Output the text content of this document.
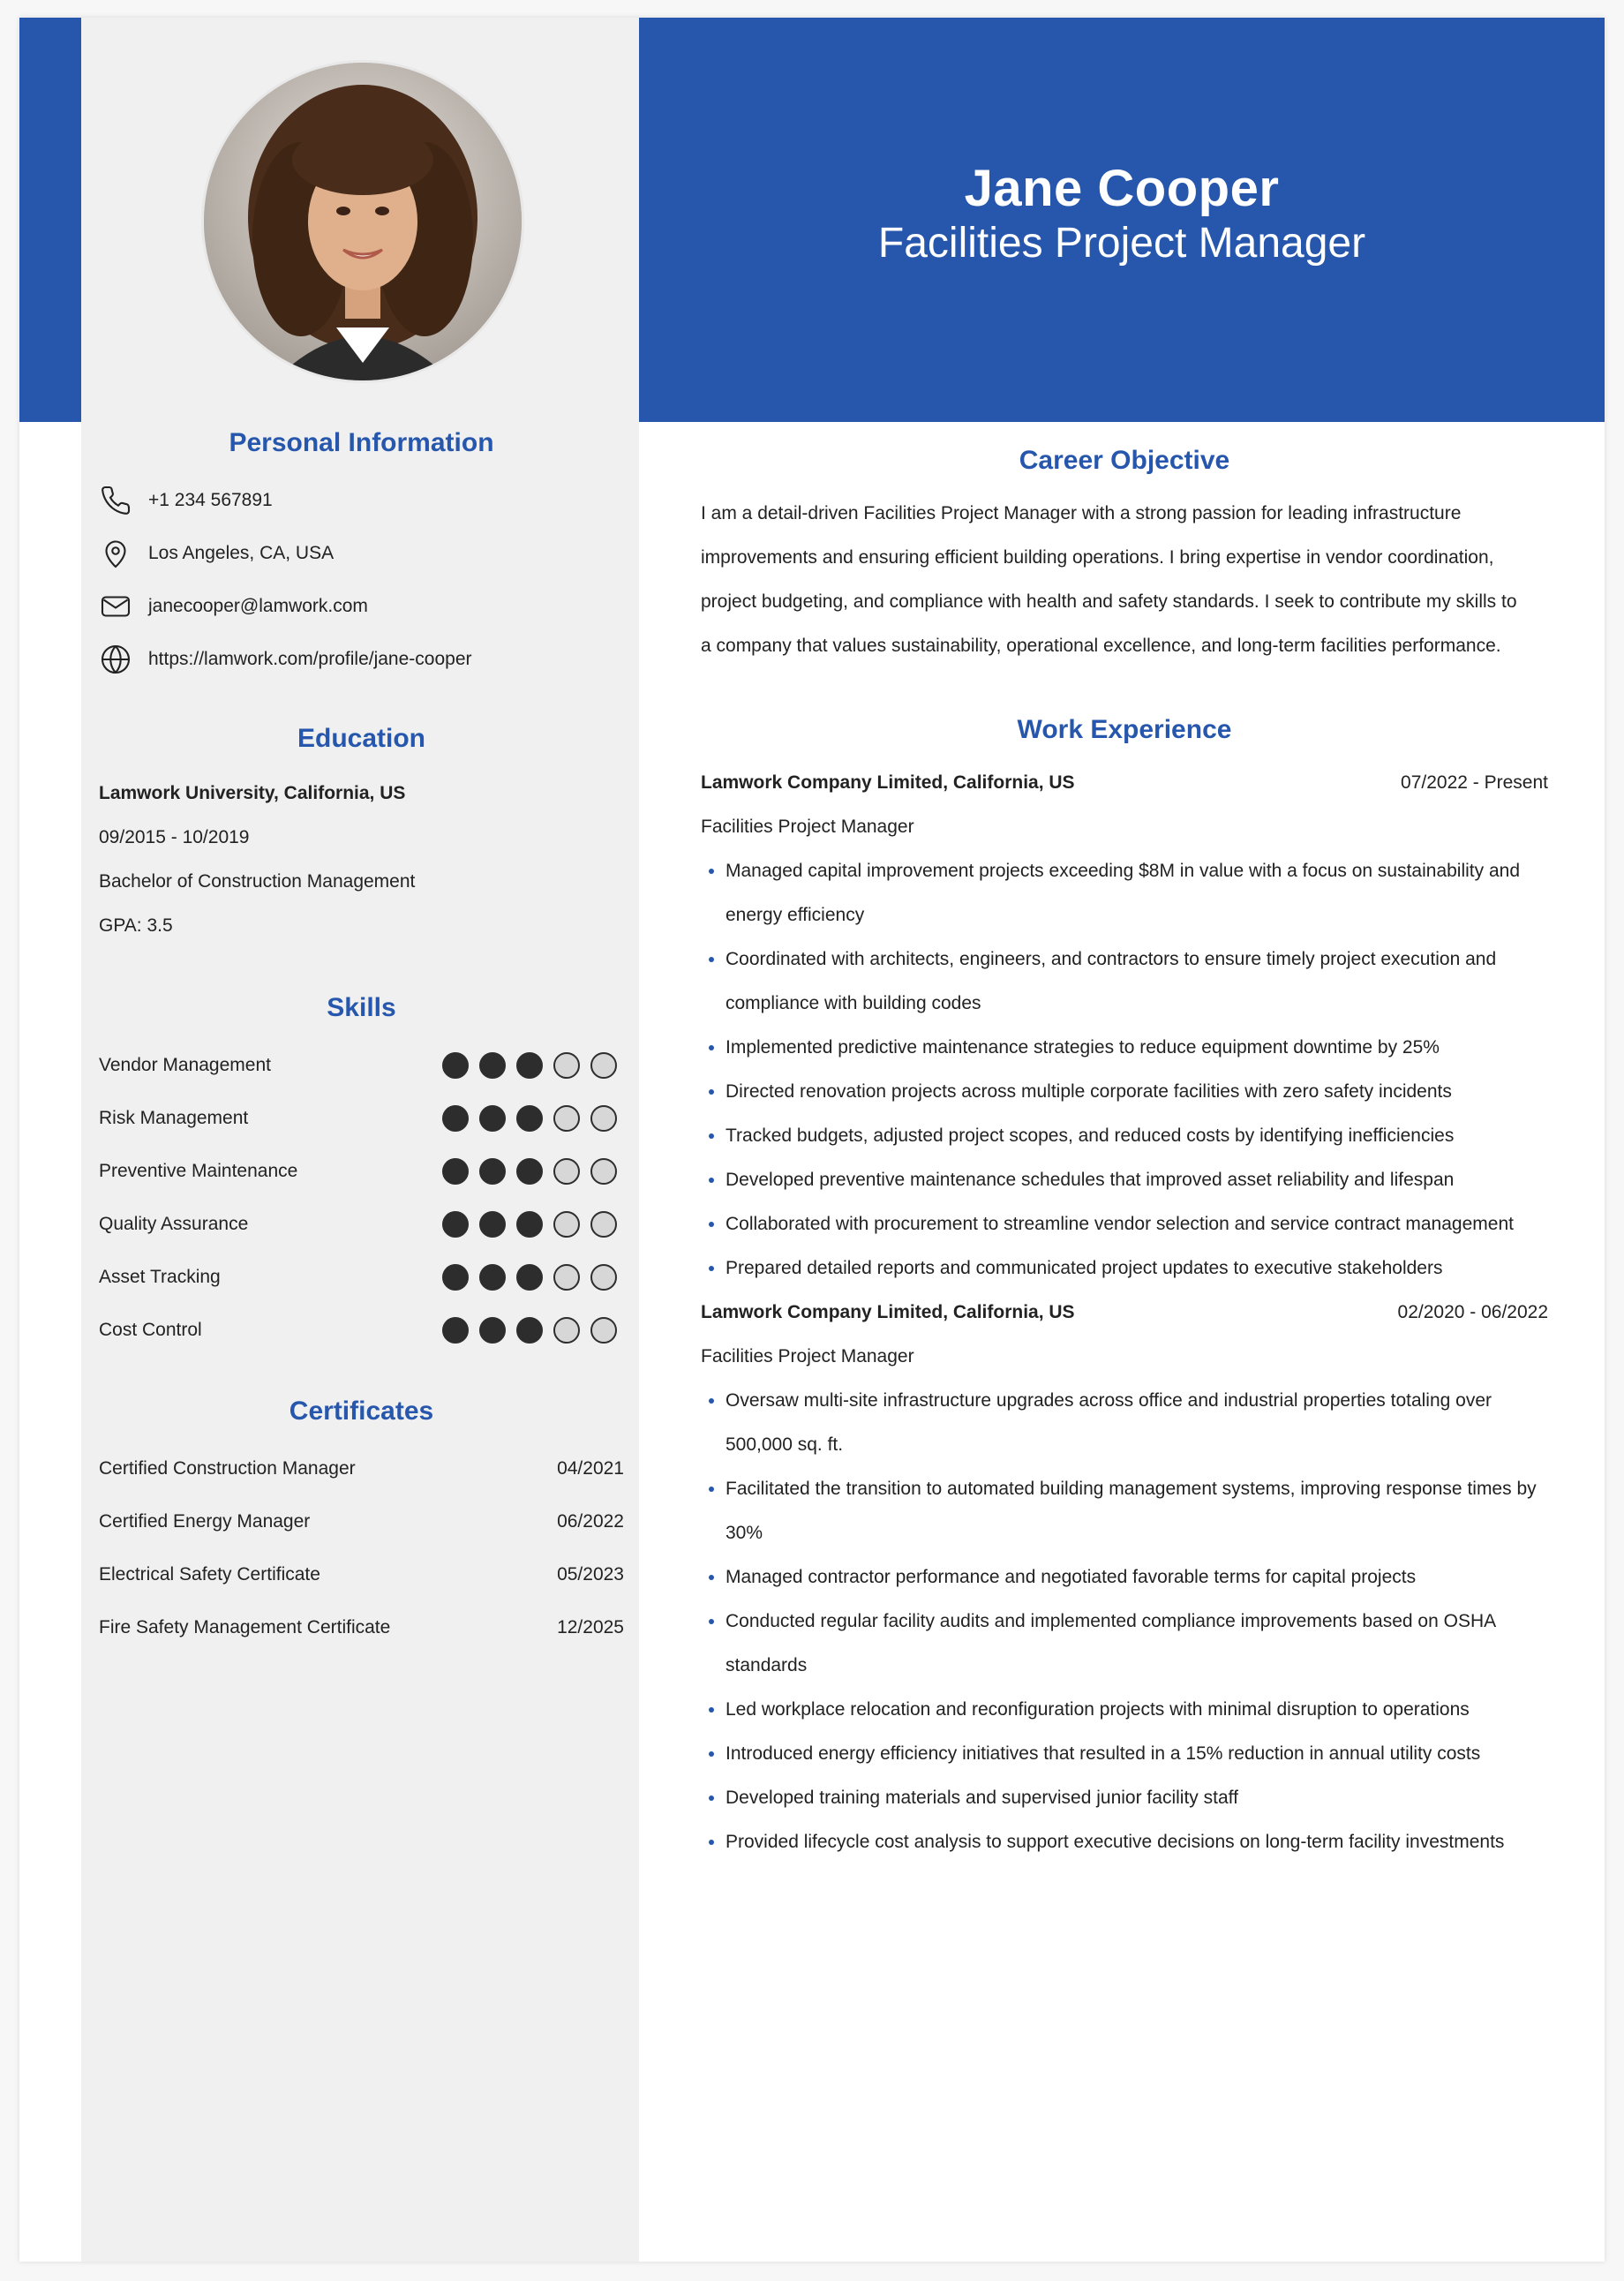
Jane Cooper
Facilities Project Manager
Personal Information
+1 234 567891
Los Angeles, CA, USA
janecooper@lamwork.com
https://lamwork.com/profile/jane-cooper
Education
Lamwork University, California, US
09/2015 - 10/2019
Bachelor of Construction Management
GPA: 3.5
Skills
Vendor Management
Risk Management
Preventive Maintenance
Quality Assurance
Asset Tracking
Cost Control
Certificates
Certified Construction Manager	04/2021
Certified Energy Manager	06/2022
Electrical Safety Certificate	05/2023
Fire Safety Management Certificate	12/2025
Career Objective
I am a detail-driven Facilities Project Manager with a strong passion for leading infrastructure
improvements and ensuring efficient building operations. I bring expertise in vendor coordination,
project budgeting, and compliance with health and safety standards. I seek to contribute my skills to
a company that values sustainability, operational excellence, and long-term facilities performance.
Work Experience
Lamwork Company Limited, California, US	07/2022 - Present
Facilities Project Manager
• Managed capital improvement projects exceeding $8M in value with a focus on sustainability and energy efficiency
• Coordinated with architects, engineers, and contractors to ensure timely project execution and compliance with building codes
• Implemented predictive maintenance strategies to reduce equipment downtime by 25%
• Directed renovation projects across multiple corporate facilities with zero safety incidents
• Tracked budgets, adjusted project scopes, and reduced costs by identifying inefficiencies
• Developed preventive maintenance schedules that improved asset reliability and lifespan
• Collaborated with procurement to streamline vendor selection and service contract management
• Prepared detailed reports and communicated project updates to executive stakeholders
Lamwork Company Limited, California, US	02/2020 - 06/2022
Facilities Project Manager
• Oversaw multi-site infrastructure upgrades across office and industrial properties totaling over 500,000 sq. ft.
• Facilitated the transition to automated building management systems, improving response times by 30%
• Managed contractor performance and negotiated favorable terms for capital projects
• Conducted regular facility audits and implemented compliance improvements based on OSHA standards
• Led workplace relocation and reconfiguration projects with minimal disruption to operations
• Introduced energy efficiency initiatives that resulted in a 15% reduction in annual utility costs
• Developed training materials and supervised junior facility staff
• Provided lifecycle cost analysis to support executive decisions on long-term facility investments
